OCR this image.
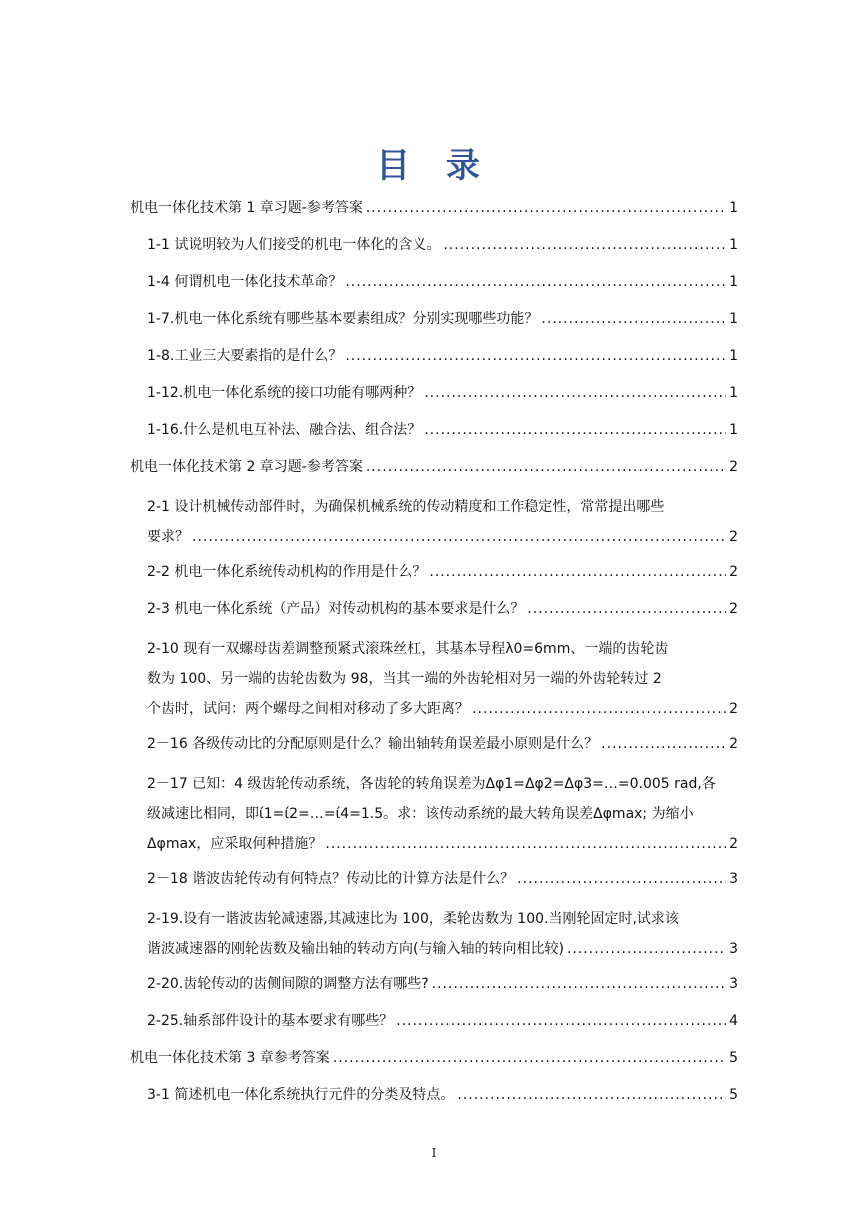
目 录
机电一体化技术第 1 章习题-参考答案 .....	1
1-1 试说明较为人们接受的机电一体化的含义。 .....	1
1-4 何谓机电一体化技术革命？ .....	1
1-7.机电一体化系统有哪些基本要素组成？分别实现哪些功能？ .....	1
1-8.工业三大要素指的是什么？ .....	1
1-12.机电一体化系统的接口功能有哪两种？ .....	1
1-16.什么是机电互补法、融合法、组合法？ .....	1
机电一体化技术第 2 章习题-参考答案 .....	2
2-1 设计机械传动部件时，为确保机械系统的传动精度和工作稳定性，常常提出哪些
要求？ .....	2
2-2 机电一体化系统传动机构的作用是什么？ .....	2
2-3 机电一体化系统（产品）对传动机构的基本要求是什么？ .....	2
2-10 现有一双螺母齿差调整预紧式滚珠丝杠，其基本导程λ0=6mm、一端的齿轮齿
数为 100、另一端的齿轮齿数为 98，当其一端的外齿轮相对另一端的外齿轮转过 2
个齿时，试问：两个螺母之间相对移动了多大距离？ .....	2
2－16 各级传动比的分配原则是什么？输出轴转角误差最小原则是什么？ .....	2
2－17 已知：4 级齿轮传动系统，各齿轮的转角误差为Δφ1=Δφ2=Δφ3=…=0.005 rad,各
级减速比相同，即ί1=ί2=…=ί4=1.5。求：该传动系统的最大转角误差Δφmax; 为缩小
Δφmax，应采取何种措施？ .....	2
2－18 谐波齿轮传动有何特点？传动比的计算方法是什么？ .....	3
2-19.设有一谐波齿轮减速器,其减速比为 100，柔轮齿数为 100.当刚轮固定时,试求该
谐波减速器的刚轮齿数及输出轴的转动方向(与输入轴的转向相比较) .....	3
2-20.齿轮传动的齿侧间隙的调整方法有哪些? .....	3
2-25.轴系部件设计的基本要求有哪些？ .....	4
机电一体化技术第 3 章参考答案 .....	5
3-1 简述机电一体化系统执行元件的分类及特点。 .....	5
I
